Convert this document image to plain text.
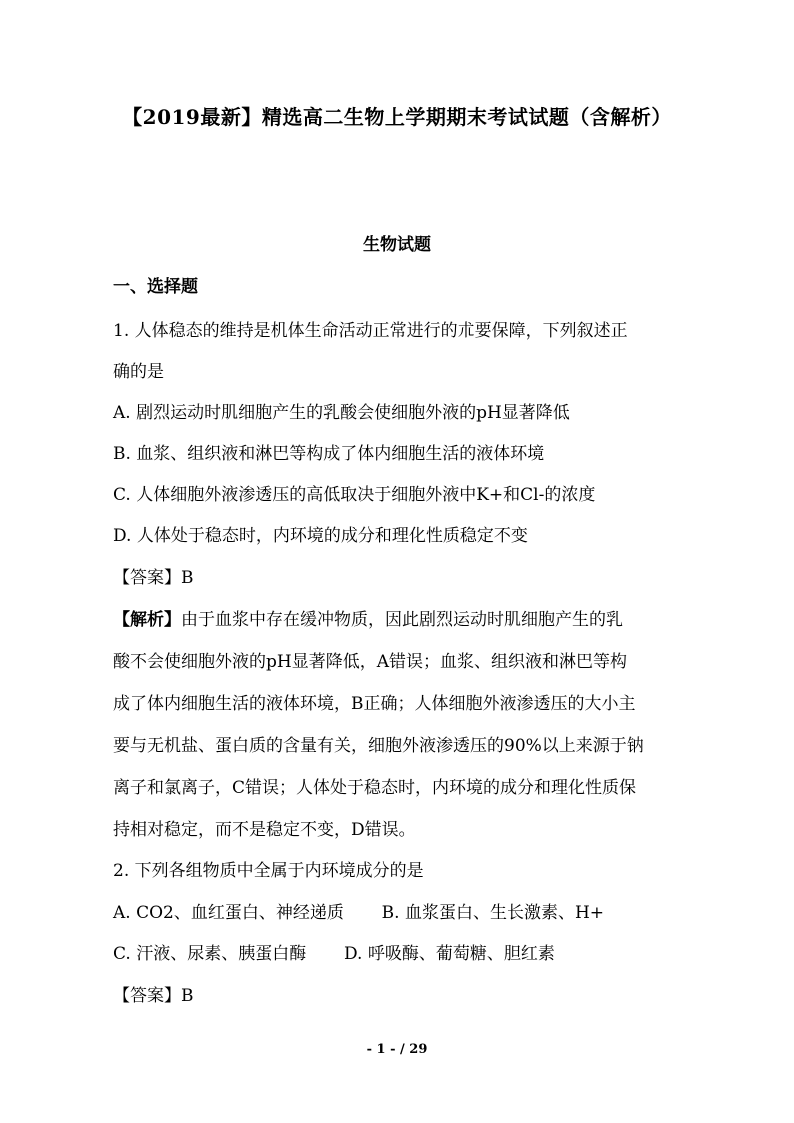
【2019最新】精选高二生物上学期期末考试试题（含解析）
生物试题
一、选择题
1. 人体稳态的维持是机体生命活动正常进行的朮要保障，下列叙述正
确的是
A. 剧烈运动时肌细胞产生的乳酸会使细胞外液的pH显著降低
B. 血浆、组织液和淋巴等构成了体内细胞生活的液体环境
C. 人体细胞外液渗透压的高低取决于细胞外液中K+和Cl-的浓度
D. 人体处于稳态时，内环境的成分和理化性质稳定不变
【答案】B
【解析】由于血浆中存在缓冲物质，因此剧烈运动时肌细胞产生的乳
酸不会使细胞外液的pH显著降低，A错误；血浆、组织液和淋巴等构
成了体内细胞生活的液体环境，B正确；人体细胞外液渗透压的大小主
要与无机盐、蛋白质的含量有关，细胞外液渗透压的90%以上来源于钠
离子和氯离子，C错误；人体处于稳态时，内环境的成分和理化性质保
持相对稳定，而不是稳定不变，D错误。
2. 下列各组物质中全属于内环境成分的是
A. CO2、血红蛋白、神经递质       B. 血浆蛋白、生长激素、H+
C. 汗液、尿素、胰蛋白酶       D. 呼吸酶、葡萄糖、胆红素
【答案】B
- 1 - / 29
